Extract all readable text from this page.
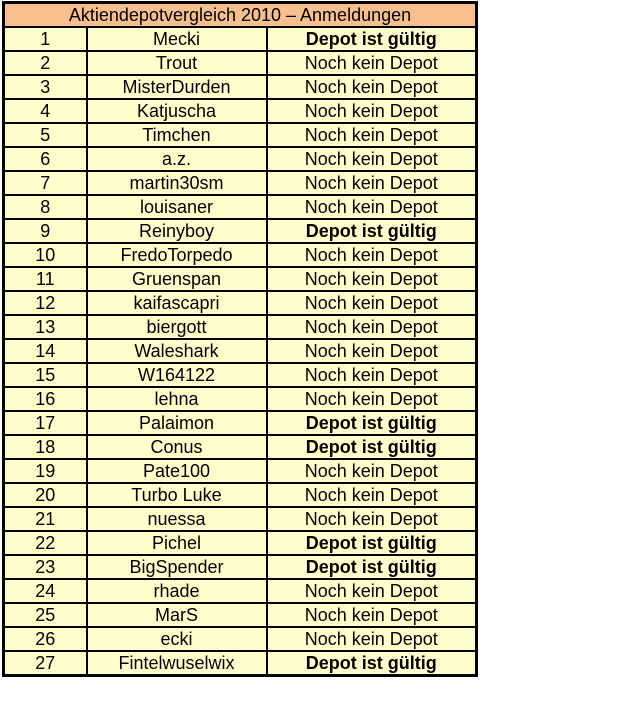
Aktiendepotvergleich 2010 – Anmeldungen		
1	Mecki	Depot ist gültig
2	Trout	Noch kein Depot
3	MisterDurden	Noch kein Depot
4	Katjuscha	Noch kein Depot
5	Timchen	Noch kein Depot
6	a.z.	Noch kein Depot
7	martin30sm	Noch kein Depot
8	louisaner	Noch kein Depot
9	Reinyboy	Depot ist gültig
10	FredoTorpedo	Noch kein Depot
11	Gruenspan	Noch kein Depot
12	kaifascapri	Noch kein Depot
13	biergott	Noch kein Depot
14	Waleshark	Noch kein Depot
15	W164122	Noch kein Depot
16	lehna	Noch kein Depot
17	Palaimon	Depot ist gültig
18	Conus	Depot ist gültig
19	Pate100	Noch kein Depot
20	Turbo Luke	Noch kein Depot
21	nuessa	Noch kein Depot
22	Pichel	Depot ist gültig
23	BigSpender	Depot ist gültig
24	rhade	Noch kein Depot
25	MarS	Noch kein Depot
26	ecki	Noch kein Depot
27	Fintelwuselwix	Depot ist gültig
